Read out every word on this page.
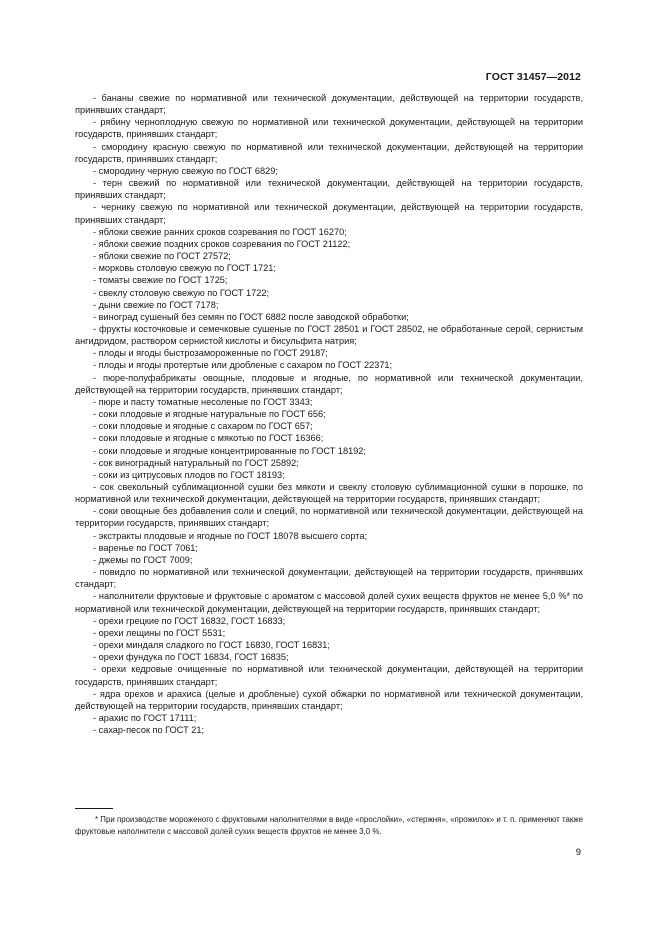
ГОСТ 31457—2012

- бананы свежие по нормативной или технической документации, действующей на территории государств, принявших стандарт;

- рябину черноплодную свежую по нормативной или технической документации, действующей на территории государств, принявших стандарт;

- смородину красную свежую по нормативной или технической документации, действующей на территории государств, принявших стандарт;

- смородину черную свежую по ГОСТ 6829;

- терн свежий по нормативной или технической документации, действующей на территории государств, принявших стандарт;

- чернику свежую по нормативной или технической документации, действующей на территории государств, принявших стандарт;

- яблоки свежие ранних сроков созревания по ГОСТ 16270;

- яблоки свежие поздних сроков созревания по ГОСТ 21122;

- яблоки свежие по ГОСТ 27572;

- морковь столовую свежую по ГОСТ 1721;

- томаты свежие по ГОСТ 1725;

- свеклу столовую свежую по ГОСТ 1722;

- дыни свежие по ГОСТ 7178;

- виноград сушеный без семян по ГОСТ 6882 после заводской обработки;

- фрукты косточковые и семечковые сушеные по ГОСТ 28501 и ГОСТ 28502, не обработанные серой, сернистым ангидридом, раствором сернистой кислоты и бисульфита натрия;

- плоды и ягоды быстрозамороженные по ГОСТ 29187;

- плоды и ягоды протертые или дробленые с сахаром по ГОСТ 22371;

- пюре-полуфабрикаты овощные, плодовые и ягодные, по нормативной или технической документации, действующей на территории государств, принявших стандарт;

- пюре и пасту томатные несоленые по ГОСТ 3343;

- соки плодовые и ягодные натуральные по ГОСТ 656;

- соки плодовые и ягодные с сахаром по ГОСТ 657;

- соки плодовые и ягодные с мякотью по ГОСТ 16366;

- соки плодовые и ягодные концентрированные по ГОСТ 18192;

- сок виноградный натуральный по ГОСТ 25892;

- соки из цитрусовых плодов по ГОСТ 18193;

- сок свекольный сублимационной сушки без мякоти и свеклу столовую сублимационной сушки в порошке, по нормативной или технической документации, действующей на территории государств, принявших стандарт;

- соки овощные без добавления соли и специй, по нормативной или технической документации, действующей на территории государств, принявших стандарт;

- экстракты плодовые и ягодные по ГОСТ 18078 высшего сорта;

- варенье по ГОСТ 7061;

- джемы по ГОСТ 7009;

- повидло по нормативной или технической документации, действующей на территории государств, принявших стандарт;

- наполнители фруктовые и фруктовые с ароматом с массовой долей сухих веществ фруктов не менее 5,0 %* по нормативной или технической документации, действующей на территории государств, принявших стандарт;

- орехи грецкие по ГОСТ 16832, ГОСТ 16833;

- орехи лещины по ГОСТ 5531;

- орехи миндаля сладкого по ГОСТ 16830, ГОСТ 16831;

- орехи фундука по ГОСТ 16834, ГОСТ 16835;

- орехи кедровые очищенные по нормативной или технической документации, действующей на территории государств, принявших стандарт;

- ядра орехов и арахиса (целые и дробленые) сухой обжарки по нормативной или технической документации, действующей на территории государств, принявших стандарт;

- арахис по ГОСТ 17111;

- сахар-песок по ГОСТ 21;

* При производстве мороженого с фруктовыми наполнителями в виде «прослойки», «стержня», «прожилок» и т. п. применяют также фруктовые наполнители с массовой долей сухих веществ фруктов не менее 3,0 %.

9
